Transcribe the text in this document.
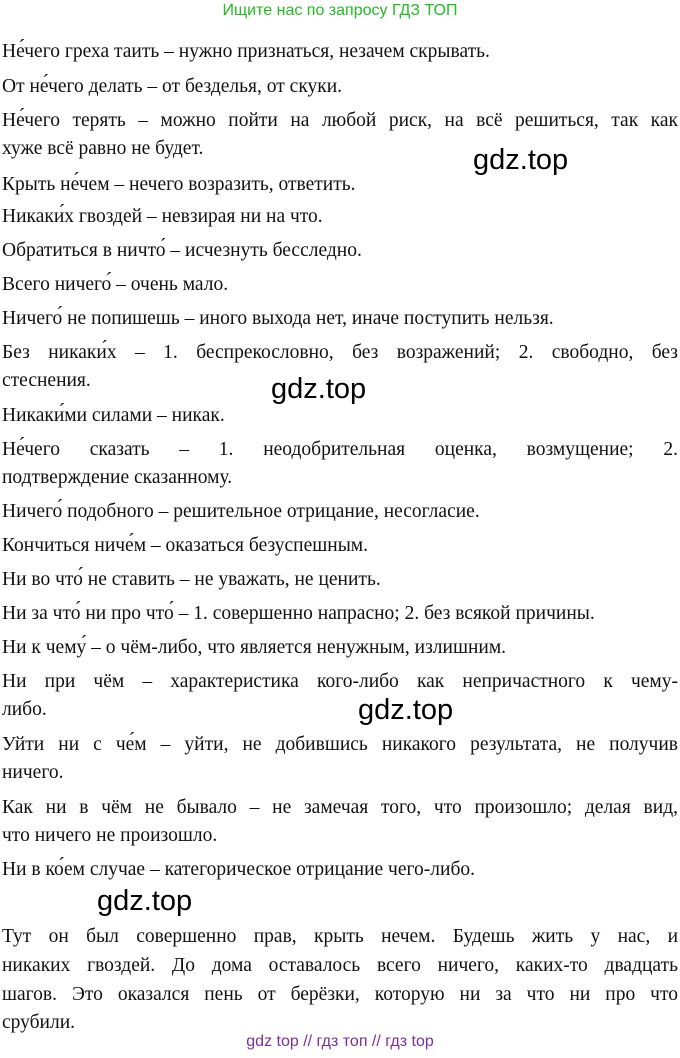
Ищите нас по запросу ГДЗ ТОП
Не́чего греха таить – нужно признаться, незачем скрывать.
От не́чего делать – от безделья, от скуки.
Не́чего терять – можно пойти на любой риск, на всё решиться, так как
хуже всё равно не будет.
Крыть не́чем – нечего возразить, ответить.
Никаки́х гвоздей – невзирая ни на что.
Обратиться в ничто́ – исчезнуть бесследно.
Всего ничего́ – очень мало.
Ничего́ не попишешь – иного выхода нет, иначе поступить нельзя.
Без никаки́х – 1. беспрекословно, без возражений; 2. свободно, без
стеснения.
Никаки́ми силами – никак.
Не́чего сказать – 1. неодобрительная оценка, возмущение; 2.
подтверждение сказанному.
Ничего́ подобного – решительное отрицание, несогласие.
Кончиться ниче́м – оказаться безуспешным.
Ни во что́ не ставить – не уважать, не ценить.
Ни за что́ ни про что́ – 1. совершенно напрасно; 2. без всякой причины.
Ни к чему́ – о чём-либо, что является ненужным, излишним.
Ни при чём – характеристика кого-либо как непричастного к чему-
либо.
Уйти ни с че́м – уйти, не добившись никакого результата, не получив
ничего.
Как ни в чём не бывало – не замечая того, что произошло; делая вид,
что ничего не произошло.
Ни в ко́ем случае – категорическое отрицание чего-либо.
Тут он был совершенно прав, крыть нечем. Будешь жить у нас, и
никаких гвоздей. До дома оставалось всего ничего, каких-то двадцать
шагов. Это оказался пень от берёзки, которую ни за что ни про что
срубили.
gdz.top
gdz.top
gdz.top
gdz.top
gdz top // гдз топ // гдз top
